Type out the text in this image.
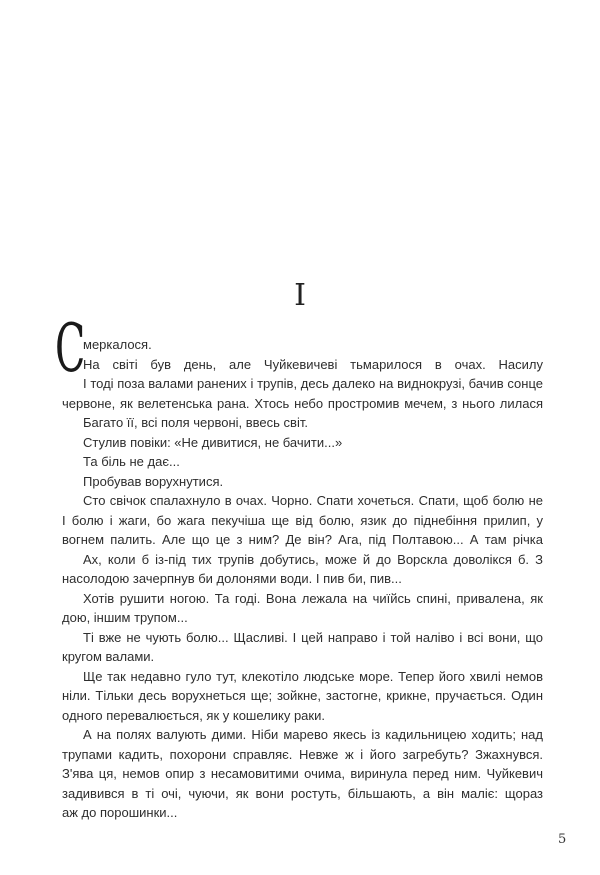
І
С
меркалося.
На світі був день, але Чуйкевичеві тьмарилося в очах. Насилу
І тоді поза валами ранених і трупів, десь далеко на виднокрузі, бачив сонце
червоне, як велетенська рана. Хтось небо простромив мечем, з нього лилася
Багато її, всі поля червоні, ввесь світ.
Стулив повіки: «Не дивитися, не бачити...»
Та біль не дає...
Пробував ворухнутися.
Сто свічок спалахнуло в очах. Чорно. Спати хочеться. Спати, щоб болю не
І болю і жаги, бо жага пекучіша ще від болю, язик до піднебіння прилип, у
вогнем палить. Але що це з ним? Де він? Ага, під Полтавою... А там річка
Ах, коли б із-під тих трупів добутись, може й до Ворскла доволікся б. З
насолодою зачерпнув би долонями води. І пив би, пив...
Хотів рушити ногою. Та годі. Вона лежала на чиїйсь спині, привалена, як
дою, іншим трупом...
Ті вже не чують болю... Щасливі. І цей направо і той наліво і всі вони, що
кругом валами.
Ще так недавно гуло тут, клекотіло людське море. Тепер його хвилі немов
ніли. Тільки десь ворухнеться ще; зойкне, застогне, крикне, пручається. Один
одного перевалюється, як у кошелику раки.
А на полях валують дими. Ніби марево якесь із кадильницею ходить; над
трупами кадить, похорони справляє. Невже ж і його загребуть? Зжахнувся.
З'ява ця, немов опир з несамовитими очима, виринула перед ним. Чуйкевич
задивився в ті очі, чуючи, як вони ростуть, більшають, а він маліє: щораз
аж до порошинки...
5
